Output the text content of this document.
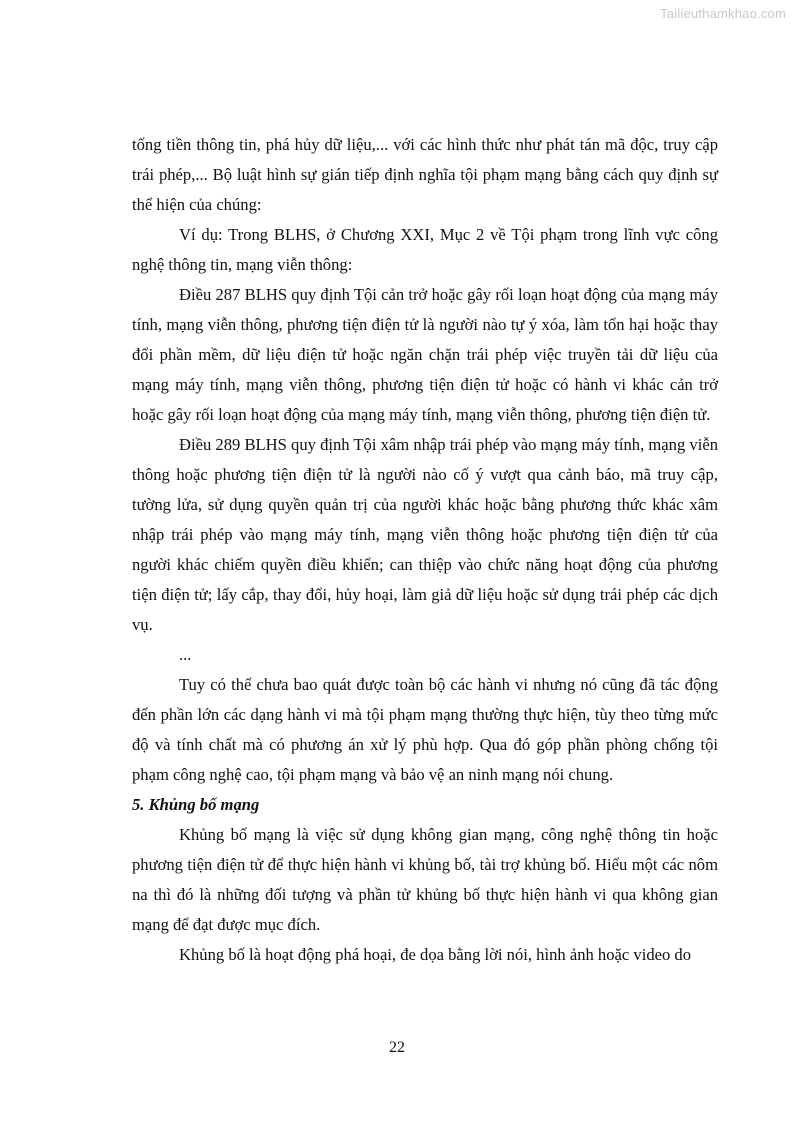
Tailieuthamkhao.com

tống tiền thông tin, phá hủy dữ liệu,... với các hình thức như phát tán mã độc, truy cập trái phép,... Bộ luật hình sự gián tiếp định nghĩa tội phạm mạng bằng cách quy định sự thể hiện của chúng:

Ví dụ: Trong BLHS, ở Chương XXI, Mục 2 về Tội phạm trong lĩnh vực công nghệ thông tin, mạng viễn thông:

Điều 287 BLHS quy định Tội cản trở hoặc gây rối loạn hoạt động của mạng máy tính, mạng viễn thông, phương tiện điện tử là người nào tự ý xóa, làm tổn hại hoặc thay đổi phần mềm, dữ liệu điện tử hoặc ngăn chặn trái phép việc truyền tải dữ liệu của mạng máy tính, mạng viễn thông, phương tiện điện tử hoặc có hành vi khác cản trở hoặc gây rối loạn hoạt động của mạng máy tính, mạng viễn thông, phương tiện điện tử.

Điều 289 BLHS quy định Tội xâm nhập trái phép vào mạng máy tính, mạng viễn thông hoặc phương tiện điện tử là người nào cố ý vượt qua cảnh báo, mã truy cập, tường lửa, sử dụng quyền quản trị của người khác hoặc bằng phương thức khác xâm nhập trái phép vào mạng máy tính, mạng viễn thông hoặc phương tiện điện tử của người khác chiếm quyền điều khiển; can thiệp vào chức năng hoạt động của phương tiện điện tử; lấy cắp, thay đổi, hủy hoại, làm giả dữ liệu hoặc sử dụng trái phép các dịch vụ.

...

Tuy có thể chưa bao quát được toàn bộ các hành vi nhưng nó cũng đã tác động đến phần lớn các dạng hành vi mà tội phạm mạng thường thực hiện, tùy theo từng mức độ và tính chất mà có phương án xử lý phù hợp. Qua đó góp phần phòng chống tội phạm công nghệ cao, tội phạm mạng và bảo vệ an ninh mạng nói chung.

5. Khủng bố mạng

Khủng bố mạng là việc sử dụng không gian mạng, công nghệ thông tin hoặc phương tiện điện tử để thực hiện hành vi khủng bố, tài trợ khủng bố. Hiểu một các nôm na thì đó là những đối tượng và phần tử khủng bố thực hiện hành vi qua không gian mạng để đạt được mục đích.

Khủng bố là hoạt động phá hoại, đe dọa bằng lời nói, hình ảnh hoặc video do

22
